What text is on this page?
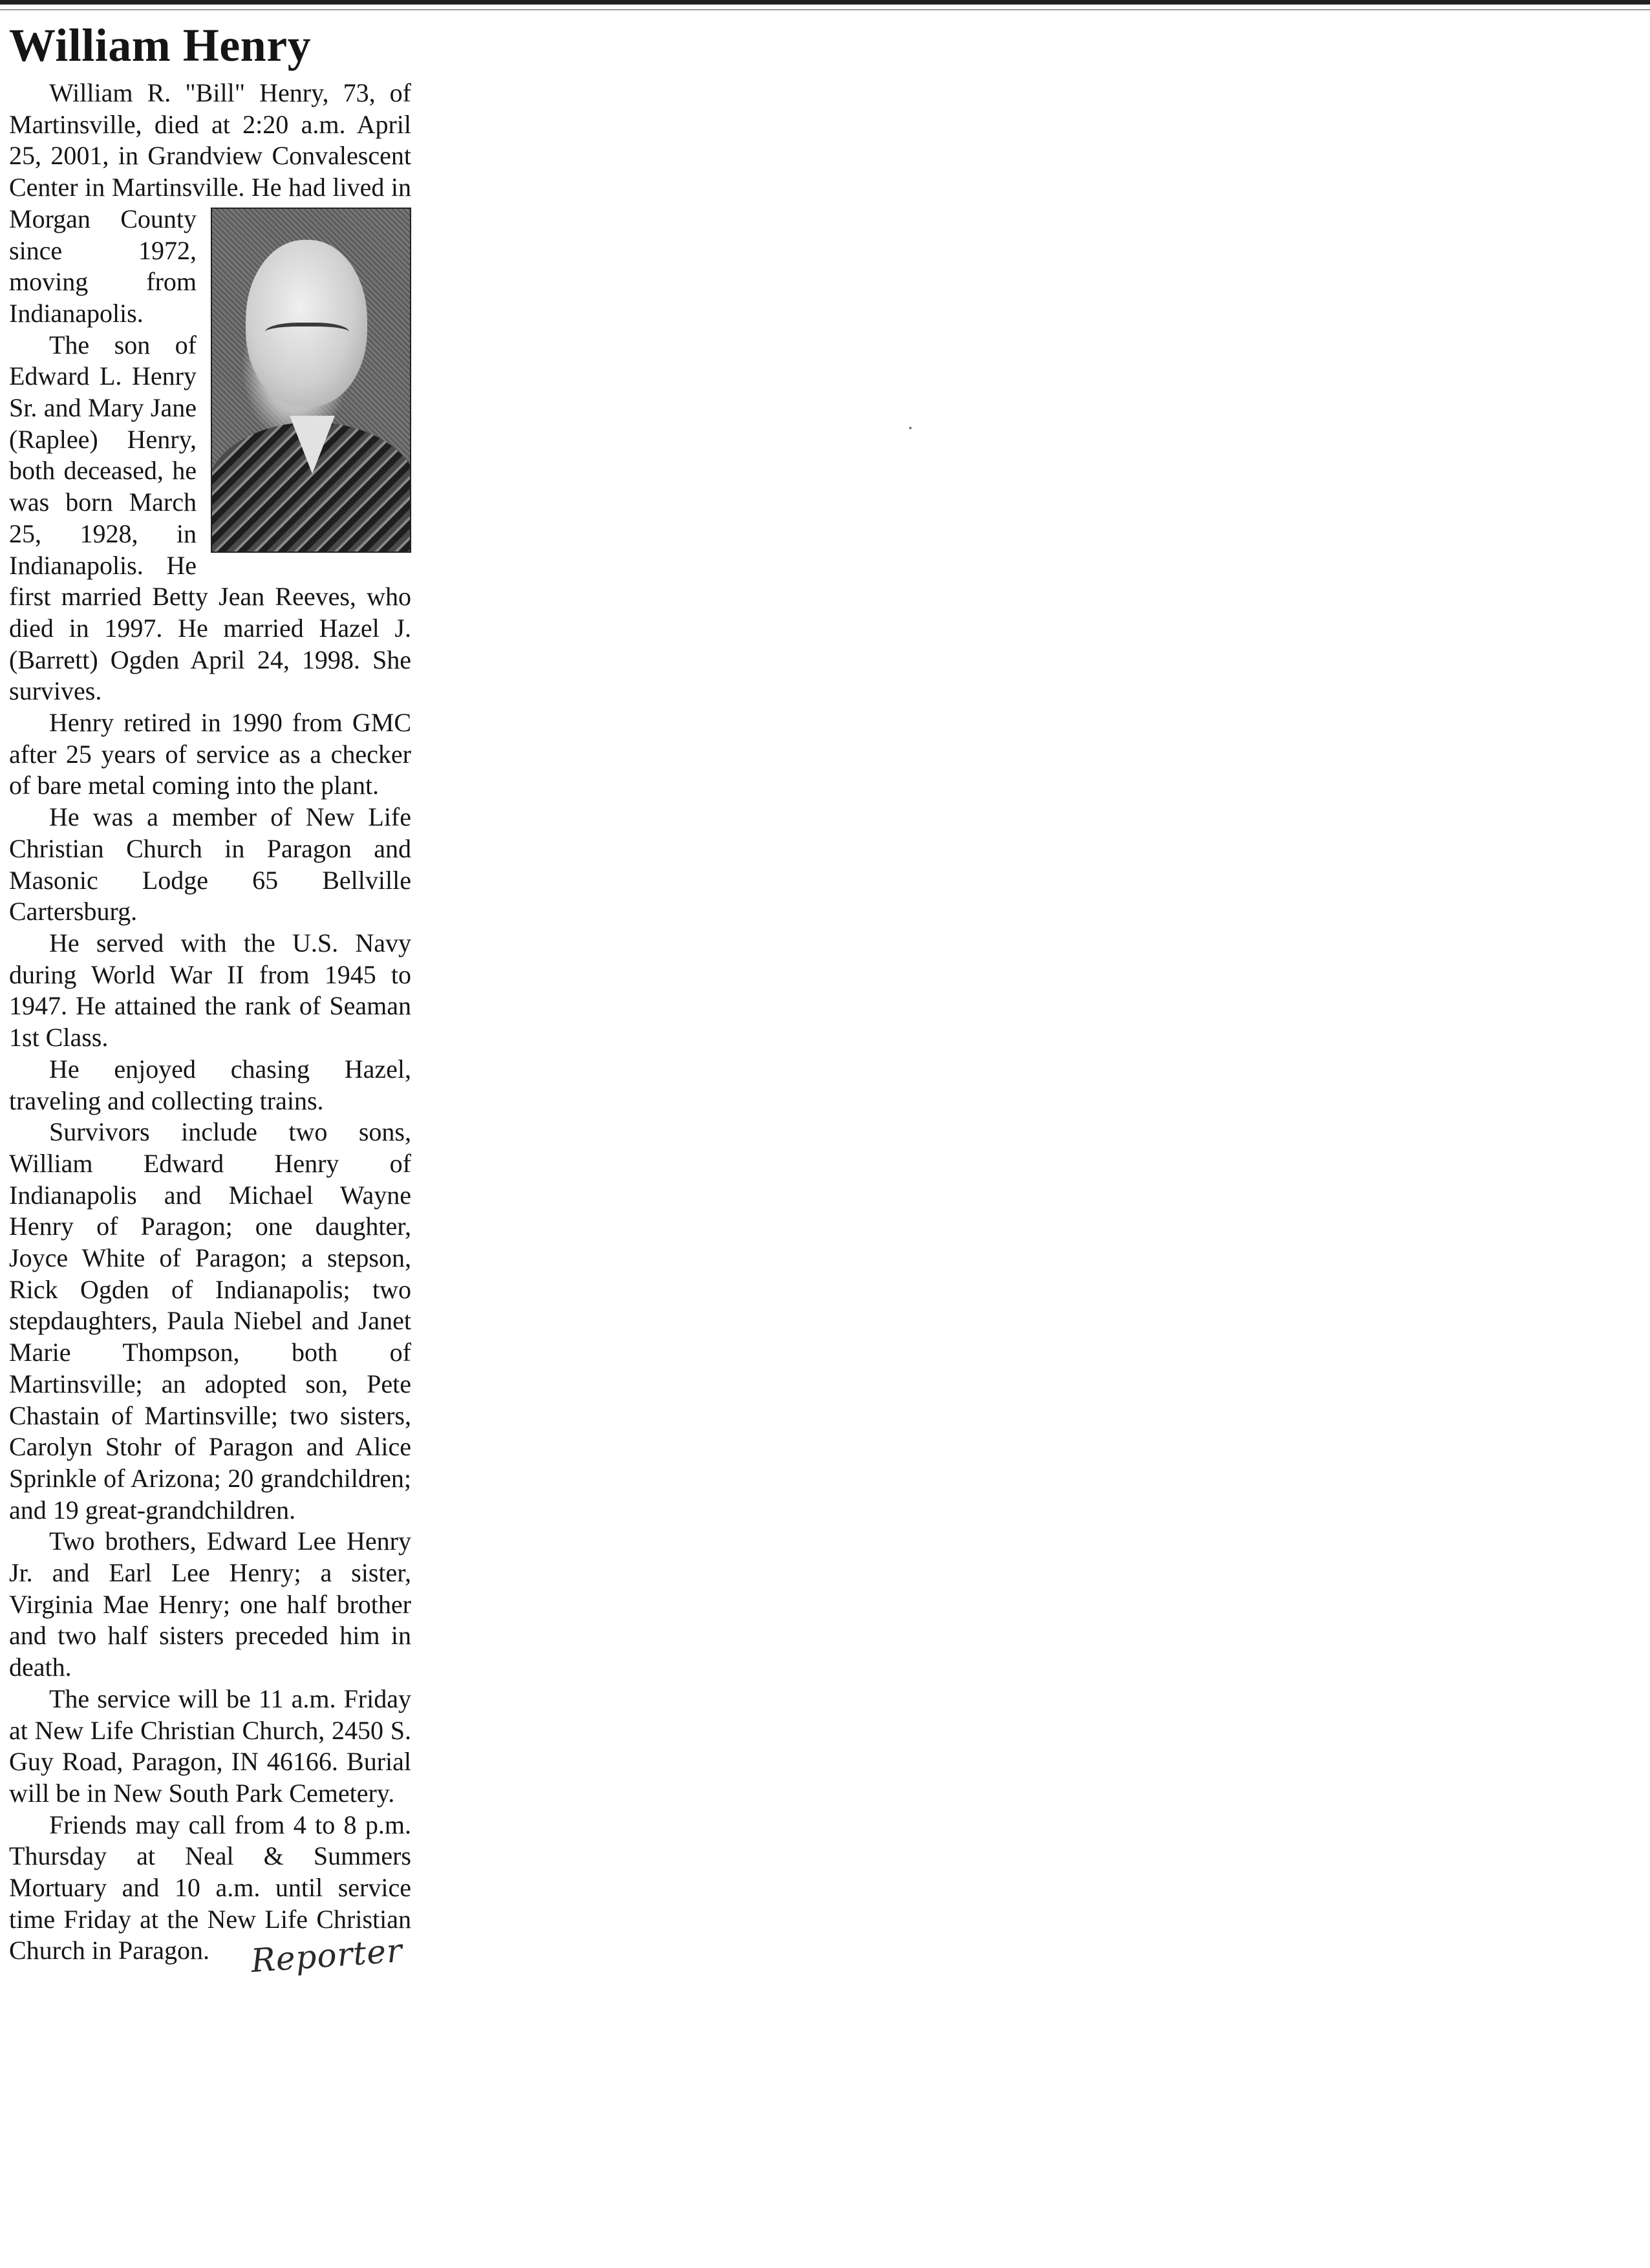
William Henry

William R. "Bill" Henry, 73, of Martinsville, died at 2:20 a.m. April 25, 2001, in Grandview Convalescent Center in Martinsville.
He had lived in Morgan County since 1972, moving from Indianapolis.

The son of Edward L. Henry Sr. and Mary Jane (Raplee) Henry, both deceased, he was born March 25, 1928, in Indianapolis. He first married Betty Jean Reeves, who died in 1997. He married Hazel J. (Barrett) Ogden April 24, 1998. She survives.

Henry retired in 1990 from GMC after 25 years of service as a checker of bare metal coming into the plant.

He was a member of New Life Christian Church in Paragon and Masonic Lodge 65 Bellville Cartersburg.

He served with the U.S. Navy during World War II from 1945 to 1947. He attained the rank of Seaman 1st Class.

He enjoyed chasing Hazel, traveling and collecting trains.

Survivors include two sons, William Edward Henry of Indianapolis and Michael Wayne Henry of Paragon; one daughter, Joyce White of Paragon; a stepson, Rick Ogden of Indianapolis; two stepdaughters, Paula Niebel and Janet Marie Thompson, both of Martinsville; an adopted son, Pete Chastain of Martinsville; two sisters, Carolyn Stohr of Paragon and Alice Sprinkle of Arizona; 20 grandchildren; and 19 great-grandchildren.

Two brothers, Edward Lee Henry Jr. and Earl Lee Henry; a sister, Virginia Mae Henry; one half brother and two half sisters preceded him in death.

The service will be 11 a.m. Friday at New Life Christian Church, 2450 S. Guy Road, Paragon, IN 46166. Burial will be in New South Park Cemetery.

Friends may call from 4 to 8 p.m. Thursday at Neal & Summers Mortuary and 10 a.m. until service time Friday at the New Life Christian Church in Paragon.	Reporter
